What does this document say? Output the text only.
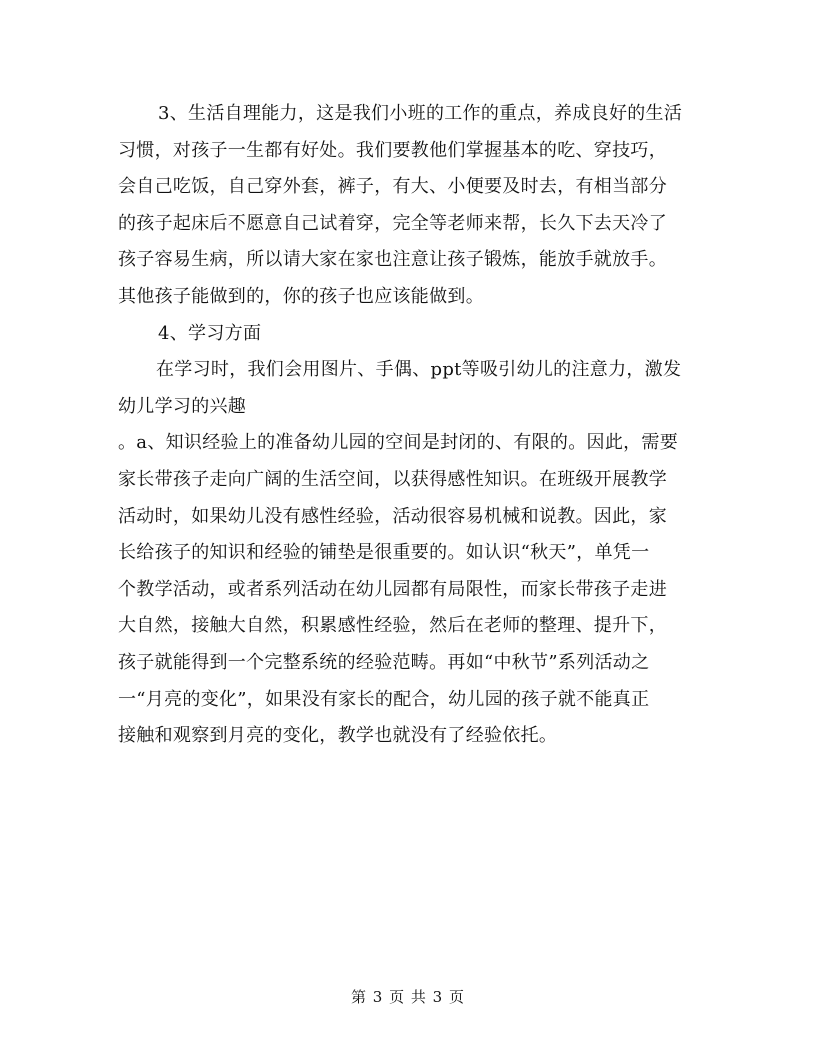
3、生活自理能力，这是我们小班的工作的重点，养成良好的生活
习惯，对孩子一生都有好处。我们要教他们掌握基本的吃、穿技巧，
会自己吃饭，自己穿外套，裤子，有大、小便要及时去，有相当部分
的孩子起床后不愿意自己试着穿，完全等老师来帮，长久下去天冷了
孩子容易生病，所以请大家在家也注意让孩子锻炼，能放手就放手。
其他孩子能做到的，你的孩子也应该能做到。
4、学习方面
在学习时，我们会用图片、手偶、ppt等吸引幼儿的注意力，激发
幼儿学习的兴趣
。a、知识经验上的准备幼儿园的空间是封闭的、有限的。因此，需要
家长带孩子走向广阔的生活空间，以获得感性知识。在班级开展教学
活动时，如果幼儿没有感性经验，活动很容易机械和说教。因此，家
长给孩子的知识和经验的铺垫是很重要的。如认识“秋天”，单凭一
个教学活动，或者系列活动在幼儿园都有局限性，而家长带孩子走进
大自然，接触大自然，积累感性经验，然后在老师的整理、提升下，
孩子就能得到一个完整系统的经验范畴。再如“中秋节”系列活动之
一“月亮的变化”，如果没有家长的配合，幼儿园的孩子就不能真正
接触和观察到月亮的变化，教学也就没有了经验依托。
第 3 页 共 3 页
